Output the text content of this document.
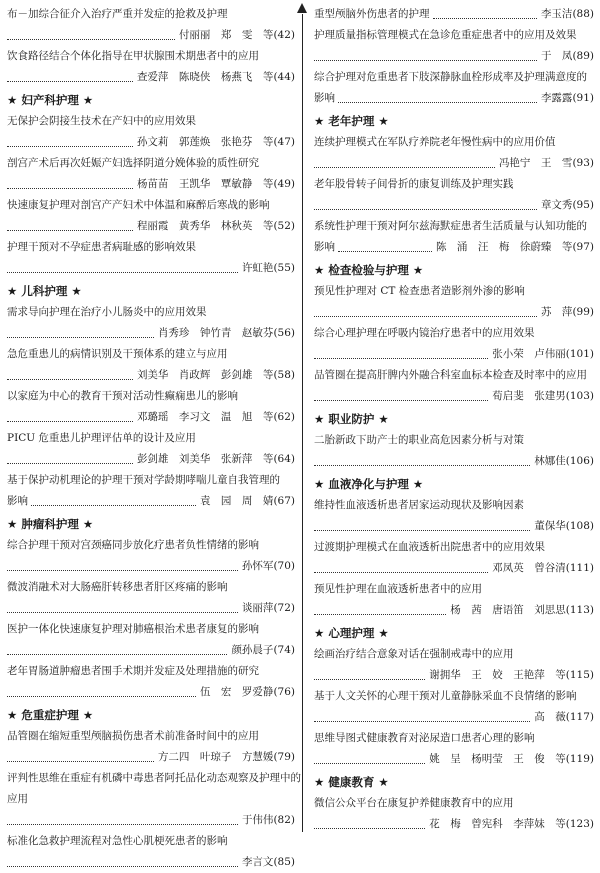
布－加综合征介入治疗严重并发症的抢救及护理
付丽丽　郑　雯　等 (42)
饮食路径结合个体化指导在甲状腺围术期患者中的应用
查爱萍　陈晓侠　杨燕飞　等 (44)
★ 妇产科护理 ★
无保护会阴接生技术在产妇中的应用效果
孙文莉　郭莲焕　张艳芬　等 (47)
剖宫产术后再次妊娠产妇选择阴道分娩体验的质性研究
杨苗苗　王凯华　覃敏静　等 (49)
快速康复护理对剖宫产产妇术中体温和麻醉后寒战的影响
程丽霞　黄秀华　林秋英　等 (52)
护理干预对不孕症患者病耻感的影响效果
许虹艳 (55)
★ 儿科护理 ★
需求导向护理在治疗小儿肠炎中的应用效果
肖秀珍　钟竹青　赵敏芬 (56)
急危重患儿的病情识别及干预体系的建立与应用
刘美华　肖政辉　彭剑雄　等 (58)
以家庭为中心的教育干预对活动性癫痫患儿的影响
邓璐瑶　李习文　温　旭　等 (62)
PICU 危重患儿护理评估单的设计及应用
彭剑雄　刘美华　张新萍　等 (64)
基于保护动机理论的护理干预对学龄期哮喘儿童自我管理的
影响	袁　园　周　婧 (67)
★ 肿瘤科护理 ★
综合护理干预对宫颈癌同步放化疗患者负性情绪的影响
孙怀军 (70)
微波消融术对大肠癌肝转移患者肝区疼痛的影响
谈丽萍 (72)
医护一体化快速康复护理对肺癌根治术患者康复的影响
颜孙晨子 (74)
老年胃肠道肿瘤患者围手术期并发症及处理措施的研究
伍　宏　罗爱静 (76)
★ 危重症护理 ★
品管圈在缩短重型颅脑损伤患者术前准备时间中的应用
方二四　叶琼子　方慧媛 (79)
评判性思维在重症有机磷中毒患者阿托品化动态观察及护理中的
应用
于伟伟 (82)
标准化急救护理流程对急性心肌梗死患者的影响
李言文 (85)
重型颅脑外伤患者的护理	李玉洁 (88)
护理质量指标管理模式在急诊危重症患者中的应用及效果
于　凤 (89)
综合护理对危重患者下肢深静脉血栓形成率及护理满意度的
影响	李露露 (91)
★ 老年护理 ★
连续护理模式在军队疗养院老年慢性病中的应用价值
冯艳宁　王　雪 (93)
老年股骨转子间骨折的康复训练及护理实践
章文秀 (95)
系统性护理干预对阿尔兹海默症患者生活质量与认知功能的
影响	陈　涌　汪　梅　徐蔚臻　等 (97)
★ 检查检验与护理 ★
预见性护理对 CT 检查患者造影剂外渗的影响
苏　萍 (99)
综合心理护理在呼吸内镜治疗患者中的应用效果
张小荣　卢伟丽 (101)
品管圈在提高肝脾内外融合科室血标本检查及时率中的应用
荀启斐　张建男 (103)
★ 职业防护 ★
二胎新政下助产士的职业高危因素分析与对策
林娜佳 (106)
★ 血液净化与护理 ★
维持性血液透析患者居家运动现状及影响因素
董保华 (108)
过渡期护理模式在血液透析出院患者中的应用效果
邓凤英　曾谷清 (111)
预见性护理在血液透析患者中的应用
杨　茜　唐语笛　刘思思 (113)
★ 心理护理 ★
绘画治疗结合意象对话在强制戒毒中的应用
谢拥华　王　姣　王艳萍　等 (115)
基于人文关怀的心理干预对儿童静脉采血不良情绪的影响
高　薇 (117)
思维导图式健康教育对泌尿造口患者心理的影响
姚　呈　杨明莹　王　俊　等 (119)
★ 健康教育 ★
微信公众平台在康复护养健康教育中的应用
花　梅　曾宪科　李萍妹　等 (123)
